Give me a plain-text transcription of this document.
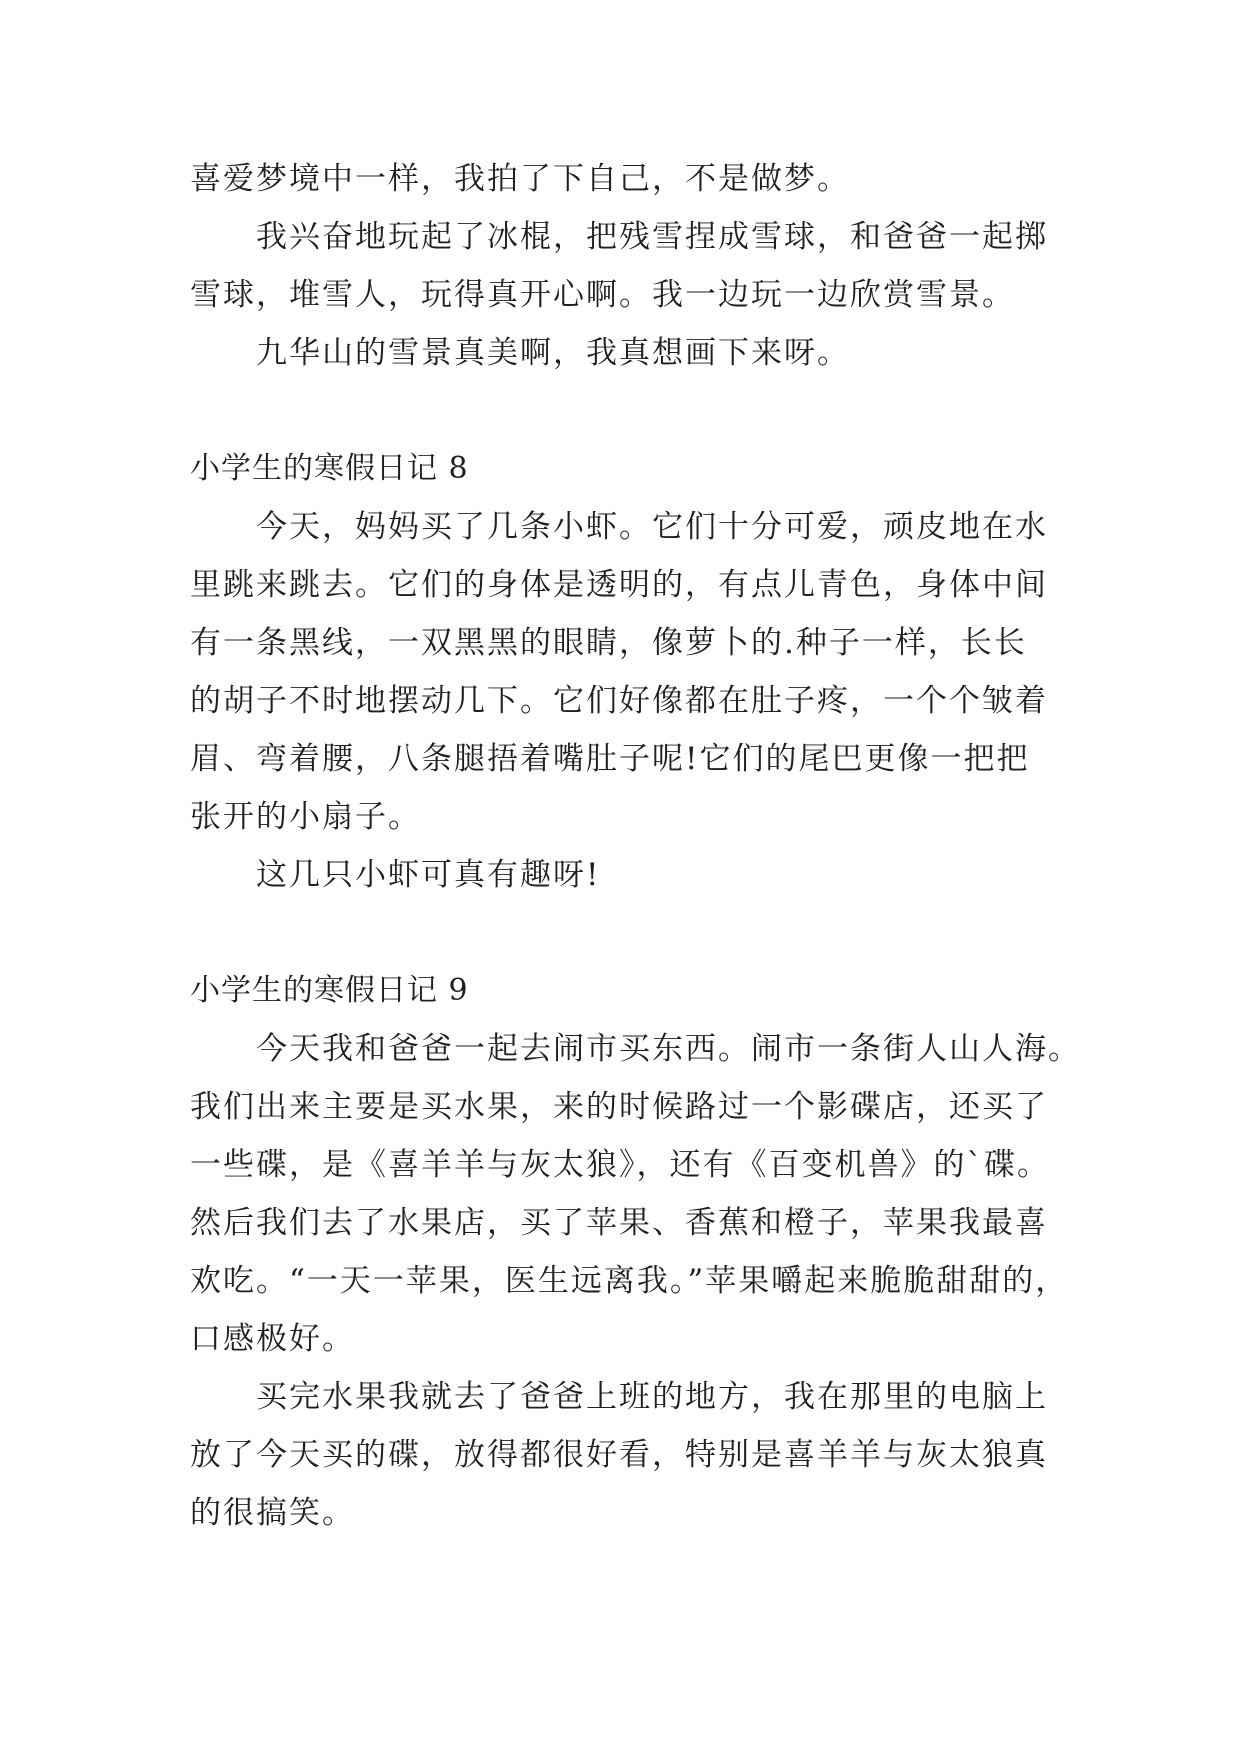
喜爱梦境中一样，我拍了下自己，不是做梦。
我兴奋地玩起了冰棍，把残雪捏成雪球，和爸爸一起掷
雪球，堆雪人，玩得真开心啊。我一边玩一边欣赏雪景。
九华山的雪景真美啊，我真想画下来呀。
小学生的寒假日记 8
今天，妈妈买了几条小虾。它们十分可爱，顽皮地在水
里跳来跳去。它们的身体是透明的，有点儿青色，身体中间
有一条黑线，一双黑黑的眼睛，像萝卜的.种子一样，长长
的胡子不时地摆动几下。它们好像都在肚子疼，一个个皱着
眉、弯着腰，八条腿捂着嘴肚子呢!它们的尾巴更像一把把
张开的小扇子。
这几只小虾可真有趣呀!
小学生的寒假日记 9
今天我和爸爸一起去闹市买东西。闹市一条街人山人海。
我们出来主要是买水果，来的时候路过一个影碟店，还买了
一些碟，是《喜羊羊与灰太狼》，还有《百变机兽》的`碟。
然后我们去了水果店，买了苹果、香蕉和橙子，苹果我最喜
欢吃。“一天一苹果，医生远离我。”苹果嚼起来脆脆甜甜的，
口感极好。
买完水果我就去了爸爸上班的地方，我在那里的电脑上
放了今天买的碟，放得都很好看，特别是喜羊羊与灰太狼真
的很搞笑。
